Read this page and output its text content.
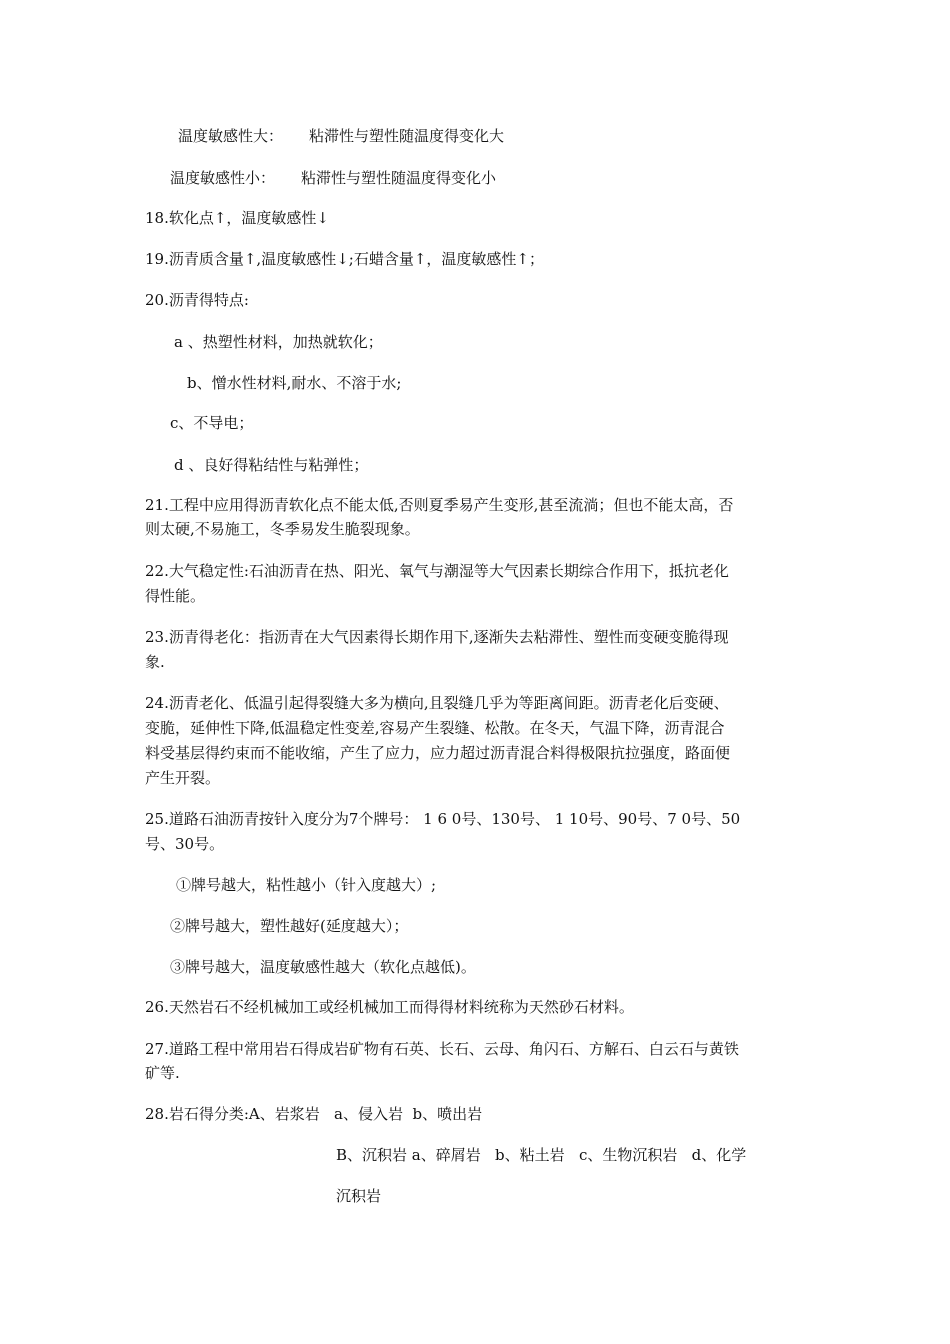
温度敏感性大： 粘滞性与塑性随温度得变化大
温度敏感性小： 粘滞性与塑性随温度得变化小
18.软化点↑，温度敏感性↓
19.沥青质含量↑,温度敏感性↓;石蜡含量↑，温度敏感性↑；
20.沥青得特点:
a 、热塑性材料，加热就软化；
b、憎水性材料,耐水、不溶于水;
c、不导电；
d 、良好得粘结性与粘弹性；
21.工程中应用得沥青软化点不能太低,否则夏季易产生变形,甚至流淌；但也不能太高，否
则太硬,不易施工，冬季易发生脆裂现象。
22.大气稳定性:石油沥青在热、阳光、氧气与潮湿等大气因素长期综合作用下，抵抗老化
得性能。
23.沥青得老化：指沥青在大气因素得长期作用下,逐渐失去粘滞性、塑性而变硬变脆得现
象.
24.沥青老化、低温引起得裂缝大多为横向,且裂缝几乎为等距离间距。沥青老化后变硬、
变脆，延伸性下降,低温稳定性变差,容易产生裂缝、松散。在冬天，气温下降，沥青混合
料受基层得约束而不能收缩，产生了应力，应力超过沥青混合料得极限抗拉强度，路面便
产生开裂。
25.道路石油沥青按针入度分为7个牌号： 1 6 0号、130号、 1 10号、90号、7 0号、50
号、30号。
①牌号越大，粘性越小（针入度越大）;
②牌号越大，塑性越好(延度越大）；
③牌号越大，温度敏感性越大（软化点越低)。
26.天然岩石不经机械加工或经机械加工而得得材料统称为天然砂石材料。
27.道路工程中常用岩石得成岩矿物有石英、长石、云母、角闪石、方解石、白云石与黄铁
矿等.
28.岩石得分类:A、岩浆岩   a、侵入岩  b、喷出岩
B、沉积岩 a、碎屑岩   b、粘土岩   c、生物沉积岩   d、化学
沉积岩
